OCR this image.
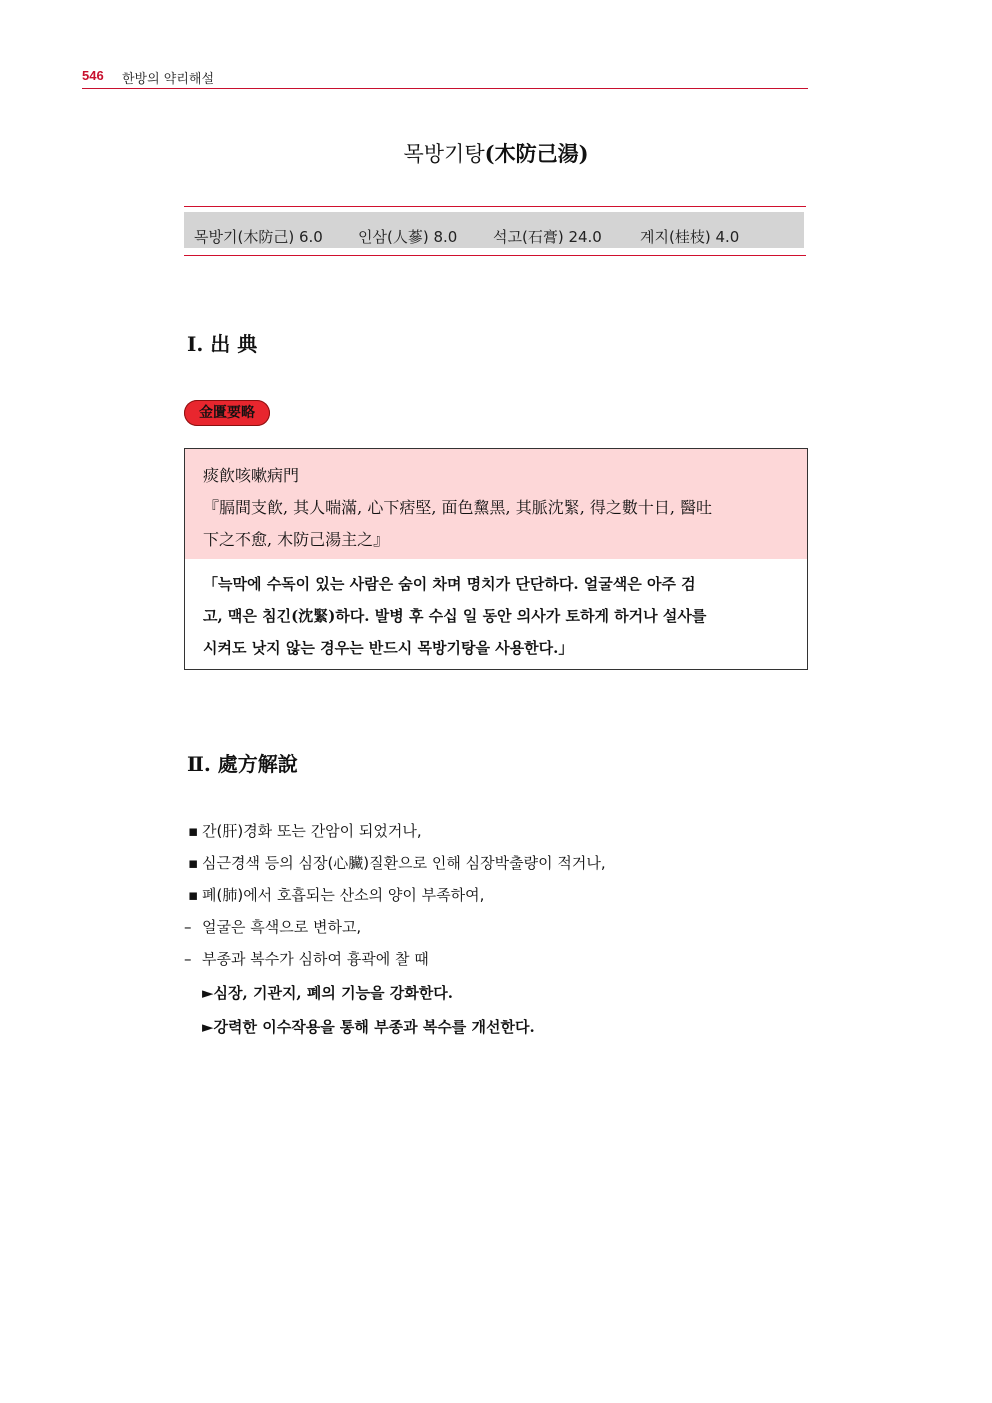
546 한방의 약리해설
목방기탕(木防己湯)
목방기(木防己) 6.0 인삼(人蔘) 8.0 석고(石膏) 24.0	계지(桂枝) 4.0
Ⅰ. 出 典
金匱要略
痰飮咳嗽病門
『膈間支飮, 其人喘滿, 心下痞堅, 面色黧黑, 其脈沈緊, 得之數十日, 醫吐
下之不愈, 木防己湯主之』
「늑막에 수독이 있는 사람은 숨이 차며 명치가 단단하다. 얼굴색은 아주 검
고, 맥은 침긴(沈緊)하다. 발병 후 수십 일 동안 의사가 토하게 하거나 설사를
시켜도 낫지 않는 경우는 반드시 목방기탕을 사용한다.」
Ⅱ. 處方解說
▪ 간(肝)경화 또는 간암이 되었거나,
▪ 심근경색 등의 심장(心臟)질환으로 인해 심장박출량이 적거나,
▪ 폐(肺)에서 호흡되는 산소의 양이 부족하여,
– 얼굴은 흑색으로 변하고,
– 부종과 복수가 심하여 흉곽에 찰 때
►심장, 기관지, 폐의 기능을 강화한다.
►강력한 이수작용을 통해 부종과 복수를 개선한다.
